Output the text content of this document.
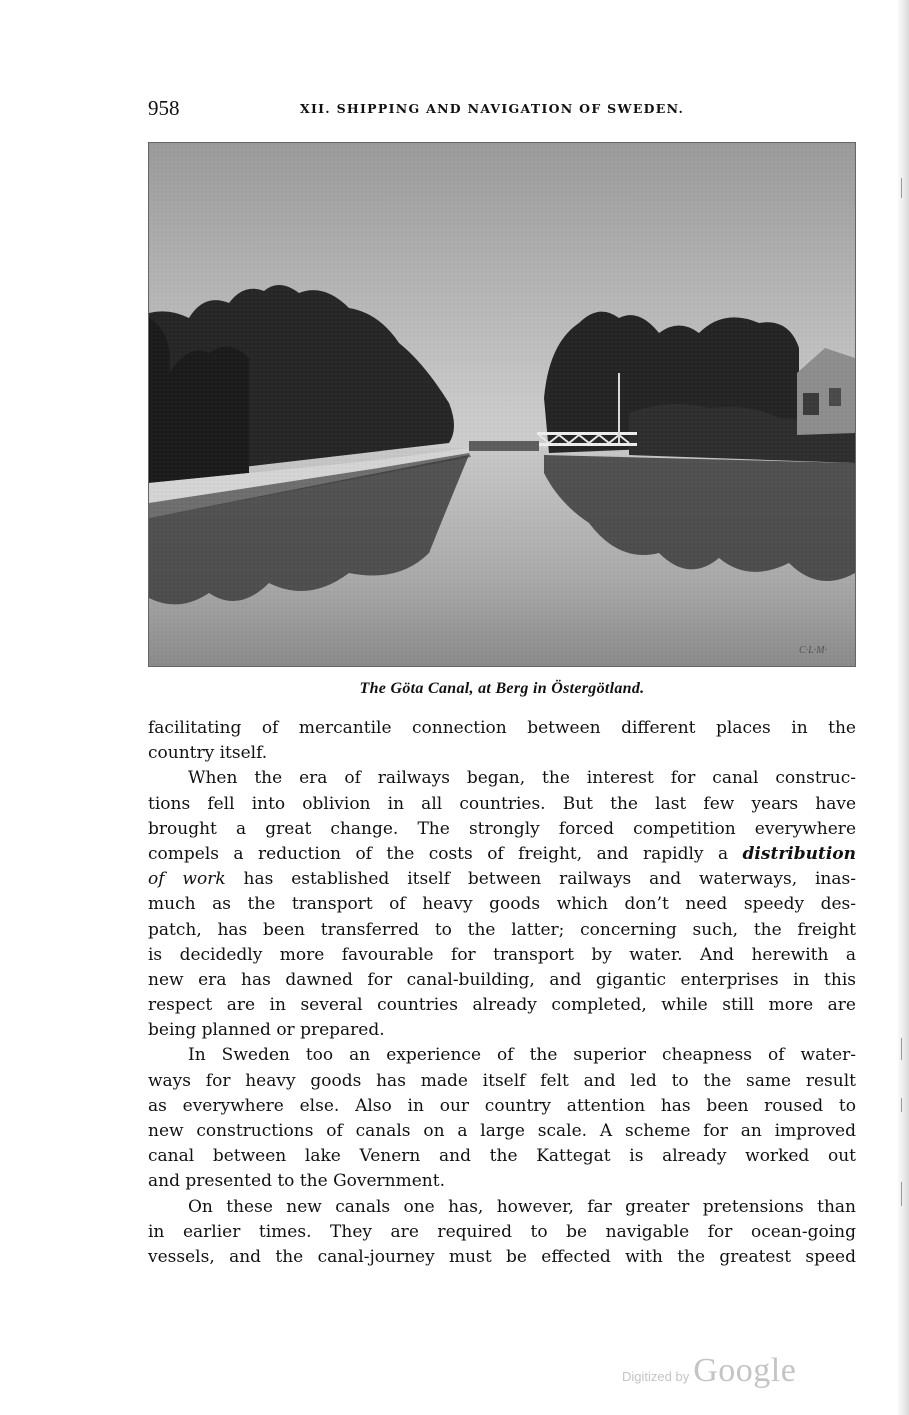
958	XII. SHIPPING AND NAVIGATION OF SWEDEN.
C·L·M·
The Göta Canal, at Berg in Östergötland.
facilitating of mercantile connection between different places in the
country itself.
When the era of railways began, the interest for canal construc-
tions fell into oblivion in all countries. But the last few years have
brought a great change. The strongly forced competition everywhere
compels a reduction of the costs of freight, and rapidly a distribution
of work has established itself between railways and waterways, inas-
much as the transport of heavy goods which don’t need speedy des-
patch, has been transferred to the latter; concerning such, the freight
is decidedly more favourable for transport by water. And herewith a
new era has dawned for canal-building, and gigantic enterprises in this
respect are in several countries already completed, while still more are
being planned or prepared.
In Sweden too an experience of the superior cheapness of water-
ways for heavy goods has made itself felt and led to the same result
as everywhere else. Also in our country attention has been roused to
new constructions of canals on a large scale. A scheme for an improved
canal between lake Venern and the Kattegat is already worked out
and presented to the Government.
On these new canals one has, however, far greater pretensions than
in earlier times. They are required to be navigable for ocean-going
vessels, and the canal-journey must be effected with the greatest speed
Digitized by Google
